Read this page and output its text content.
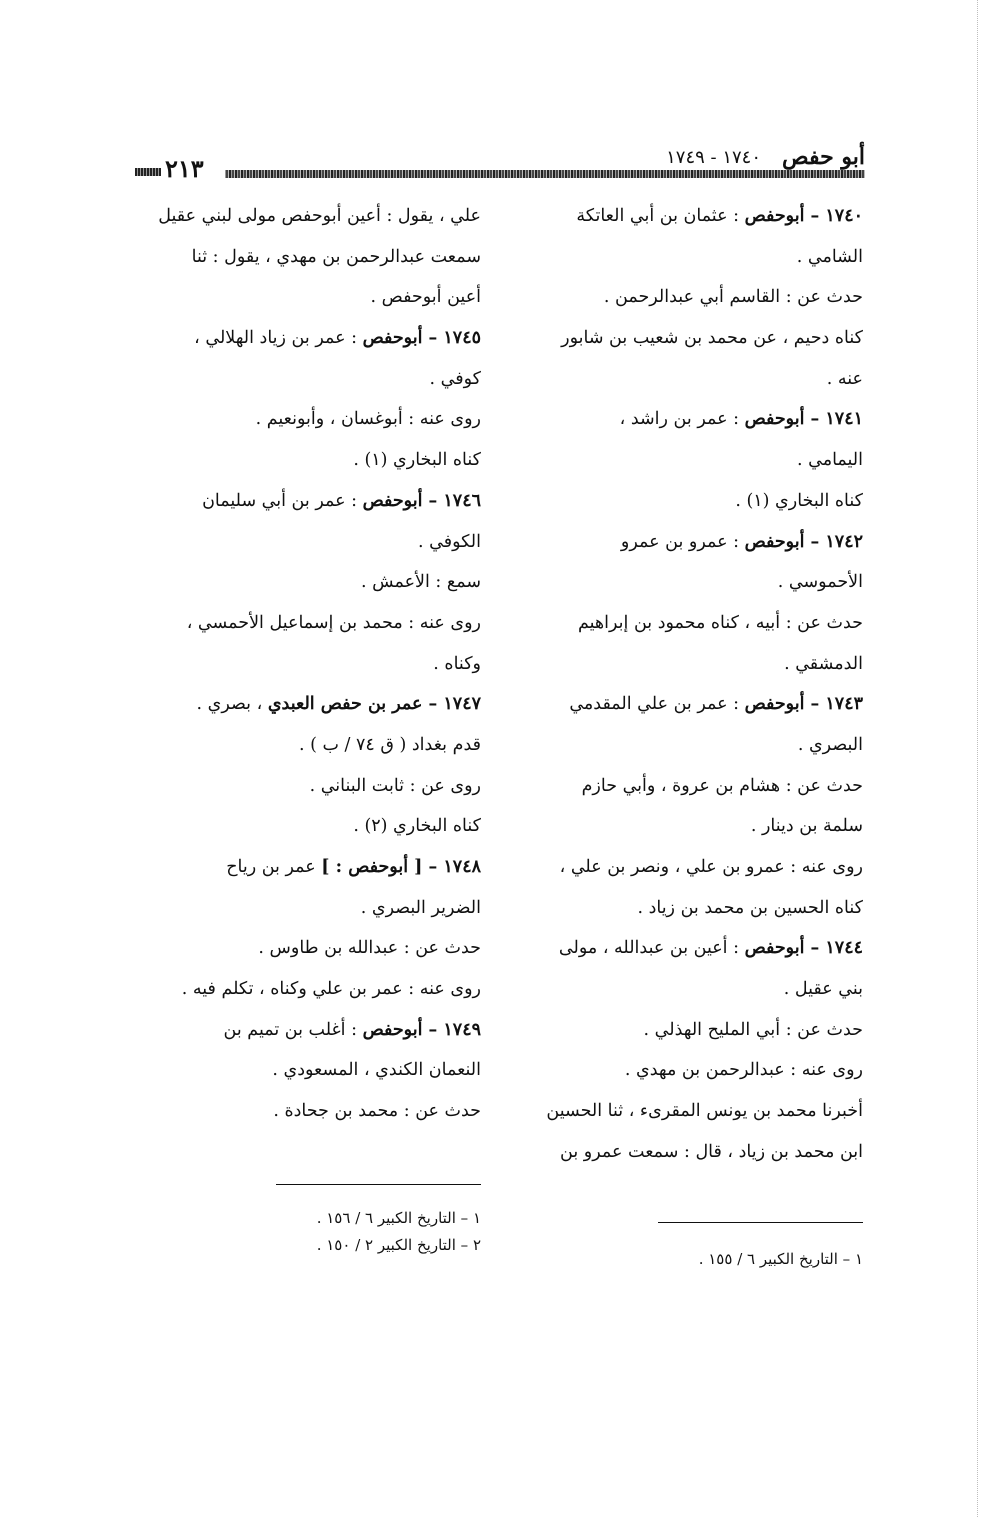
أبو حفص
١٧٤٠ - ١٧٤٩
٢١٣
١٧٤٠ – أبوحفص : عثمان بن أبي العاتكة
الشامي .
حدث عن : القاسم أبي عبدالرحمن .
كناه دحيم ، عن محمد بن شعيب بن شابور
عنه .
١٧٤١ – أبوحفص : عمر بن راشد ،
اليمامي .
كناه البخاري (١) .
١٧٤٢ – أبوحفص : عمرو بن عمرو
الأحموسي .
حدث عن : أبيه ، كناه محمود بن إبراهيم
الدمشقي .
١٧٤٣ – أبوحفص : عمر بن علي المقدمي
البصري .
حدث عن : هشام بن عروة ، وأبي حازم
سلمة بن دينار .
روى عنه : عمرو بن علي ، ونصر بن علي ،
كناه الحسين بن محمد بن زياد .
١٧٤٤ – أبوحفص : أعين بن عبدالله ، مولى
بني عقيل .
حدث عن : أبي المليح الهذلي .
روى عنه : عبدالرحمن بن مهدي .
أخبرنا محمد بن يونس المقرىء ، ثنا الحسين
ابن محمد بن زياد ، قال : سمعت عمرو بن
علي ، يقول : أعين أبوحفص مولى لبني عقيل
سمعت عبدالرحمن بن مهدي ، يقول : ثنا
أعين أبوحفص .
١٧٤٥ – أبوحفص : عمر بن زياد الهلالي ،
كوفي .
روى عنه : أبوغسان ، وأبونعيم .
كناه البخاري (١) .
١٧٤٦ – أبوحفص : عمر بن أبي سليمان
الكوفي .
سمع : الأعمش .
روى عنه : محمد بن إسماعيل الأحمسي ،
وكناه .
١٧٤٧ – عمر بن حفص العبدي ، بصري .
قدم بغداد ( ق ٧٤ / ب ) .
روى عن : ثابت البناني .
كناه البخاري (٢) .
١٧٤٨ – [ أبوحفص : ] عمر بن رياح
الضرير البصري .
حدث عن : عبدالله بن طاوس .
روى عنه : عمر بن علي وكناه ، تكلم فيه .
١٧٤٩ – أبوحفص : أغلب بن تميم بن
النعمان الكندي ، المسعودي .
حدث عن : محمد بن جحادة .
١ – التاريخ الكبير ٦ / ١٥٥ .
١ – التاريخ الكبير ٦ / ١٥٦ .
٢ – التاريخ الكبير ٢ / ١٥٠ .
